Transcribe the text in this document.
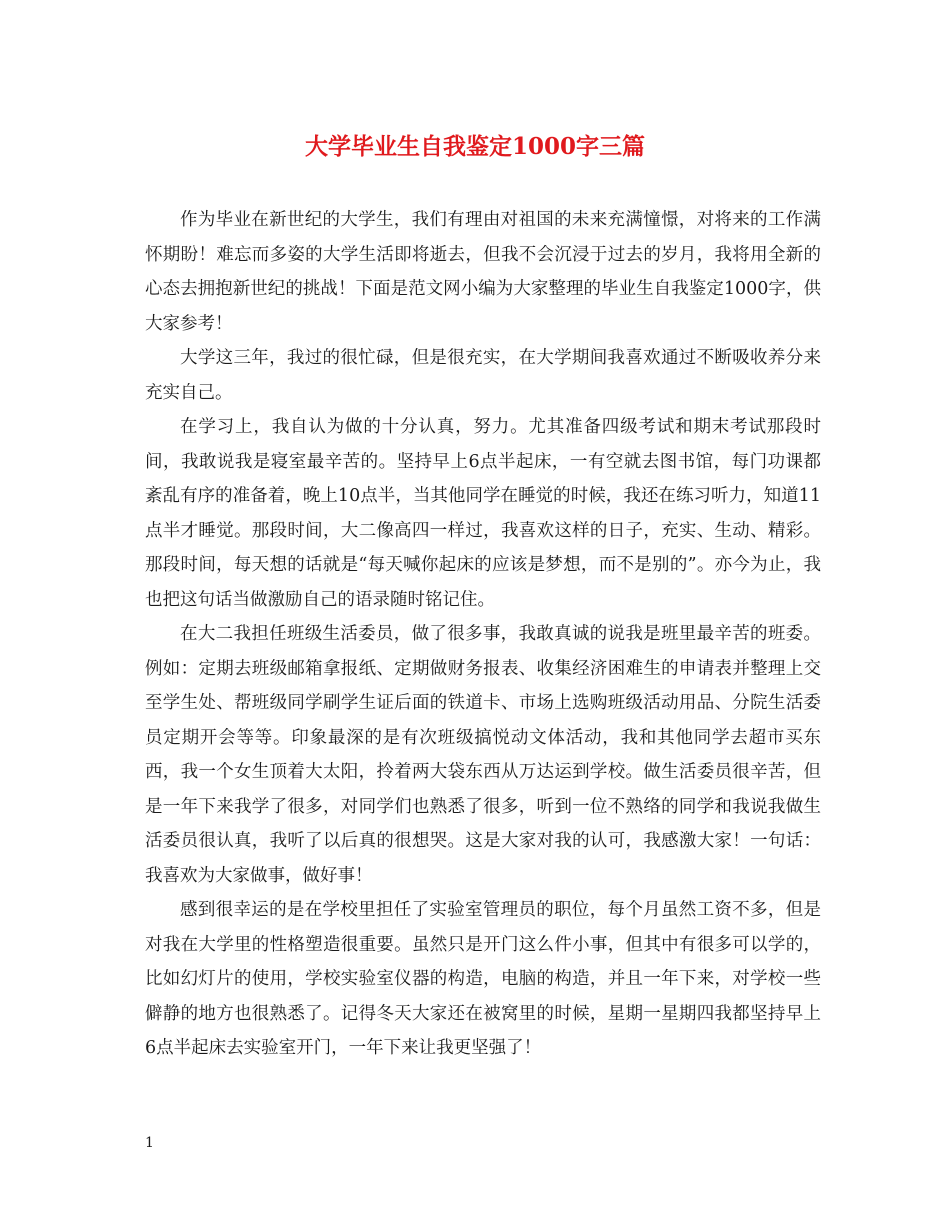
大学毕业生自我鉴定1000字三篇

作为毕业在新世纪的大学生，我们有理由对祖国的未来充满憧憬，对将来的工作满怀期盼！难忘而多姿的大学生活即将逝去，但我不会沉浸于过去的岁月，我将用全新的心态去拥抱新世纪的挑战！下面是范文网小编为大家整理的毕业生自我鉴定1000字，供大家参考！

大学这三年，我过的很忙碌，但是很充实，在大学期间我喜欢通过不断吸收养分来充实自己。

在学习上，我自认为做的十分认真，努力。尤其准备四级考试和期末考试那段时间，我敢说我是寝室最辛苦的。坚持早上6点半起床，一有空就去图书馆，每门功课都紊乱有序的准备着，晚上10点半，当其他同学在睡觉的时候，我还在练习听力，知道11点半才睡觉。那段时间，大二像高四一样过，我喜欢这样的日子，充实、生动、精彩。那段时间，每天想的话就是“每天喊你起床的应该是梦想，而不是别的”。亦今为止，我也把这句话当做激励自己的语录随时铭记住。

在大二我担任班级生活委员，做了很多事，我敢真诚的说我是班里最辛苦的班委。例如：定期去班级邮箱拿报纸、定期做财务报表、收集经济困难生的申请表并整理上交至学生处、帮班级同学刷学生证后面的铁道卡、市场上选购班级活动用品、分院生活委员定期开会等等。印象最深的是有次班级搞悦动文体活动，我和其他同学去超市买东西，我一个女生顶着大太阳，拎着两大袋东西从万达运到学校。做生活委员很辛苦，但是一年下来我学了很多，对同学们也熟悉了很多，听到一位不熟络的同学和我说我做生活委员很认真，我听了以后真的很想哭。这是大家对我的认可，我感激大家！一句话：我喜欢为大家做事，做好事！

感到很幸运的是在学校里担任了实验室管理员的职位，每个月虽然工资不多，但是对我在大学里的性格塑造很重要。虽然只是开门这么件小事，但其中有很多可以学的，比如幻灯片的使用，学校实验室仪器的构造，电脑的构造，并且一年下来，对学校一些僻静的地方也很熟悉了。记得冬天大家还在被窝里的时候，星期一星期四我都坚持早上6点半起床去实验室开门，一年下来让我更坚强了！

1
